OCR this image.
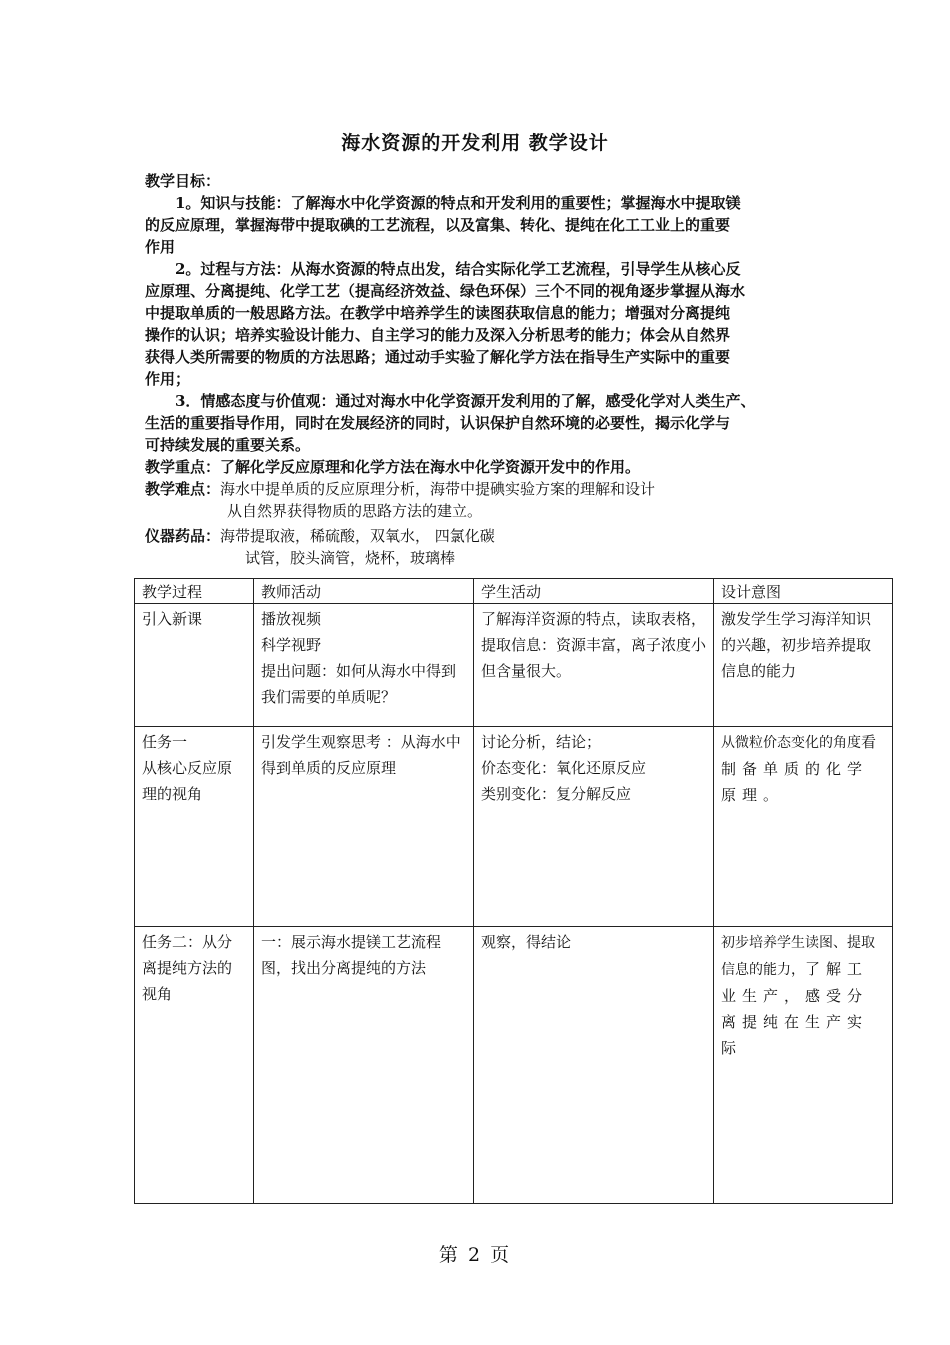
海水资源的开发利用 教学设计
教学目标：
1。知识与技能：了解海水中化学资源的特点和开发利用的重要性；掌握海水中提取镁
的反应原理，掌握海带中提取碘的工艺流程，以及富集、转化、提纯在化工工业上的重要
作用
2。过程与方法：从海水资源的特点出发，结合实际化学工艺流程，引导学生从核心反
应原理、分离提纯、化学工艺（提高经济效益、绿色环保）三个不同的视角逐步掌握从海水
中提取单质的一般思路方法。在教学中培养学生的读图获取信息的能力；增强对分离提纯
操作的认识；培养实验设计能力、自主学习的能力及深入分析思考的能力；体会从自然界
获得人类所需要的物质的方法思路；通过动手实验了解化学方法在指导生产实际中的重要
作用；
3．情感态度与价值观：通过对海水中化学资源开发利用的了解，感受化学对人类生产、
生活的重要指导作用，同时在发展经济的同时，认识保护自然环境的必要性，揭示化学与
可持续发展的重要关系。
教学重点：了解化学反应原理和化学方法在海水中化学资源开发中的作用。
教学难点：海水中提单质的反应原理分析，海带中提碘实验方案的理解和设计
从自然界获得物质的思路方法的建立。
仪器药品：海带提取液，稀硫酸，双氧水， 四氯化碳
试管，胶头滴管，烧杯，玻璃棒
教学过程	教师活动	学生活动	设计意图
引入新课	播放视频
科学视野
提出问题：如何从海水中得到我们需要的单质呢？	了解海洋资源的特点，读取表格，提取信息：资源丰富，离子浓度小但含量很大。	激发学生学习海洋知识的兴趣，初步培养提取信息的能力
任务一
从核心反应原理的视角	引发学生观察思考 ：从海水中得到单质的反应原理	讨论分析，结论；
价态变化：氧化还原反应
类别变化：复分解反应	从微粒价态变化的角度看制备单质的化学原理。
任务二：从分离提纯方法的视角	一：展示海水提镁工艺流程图，找出分离提纯的方法	观察，得结论	初步培养学生读图、提取信息的能力，了解工业生产，感受分离提纯在生产实际
第 2 页
